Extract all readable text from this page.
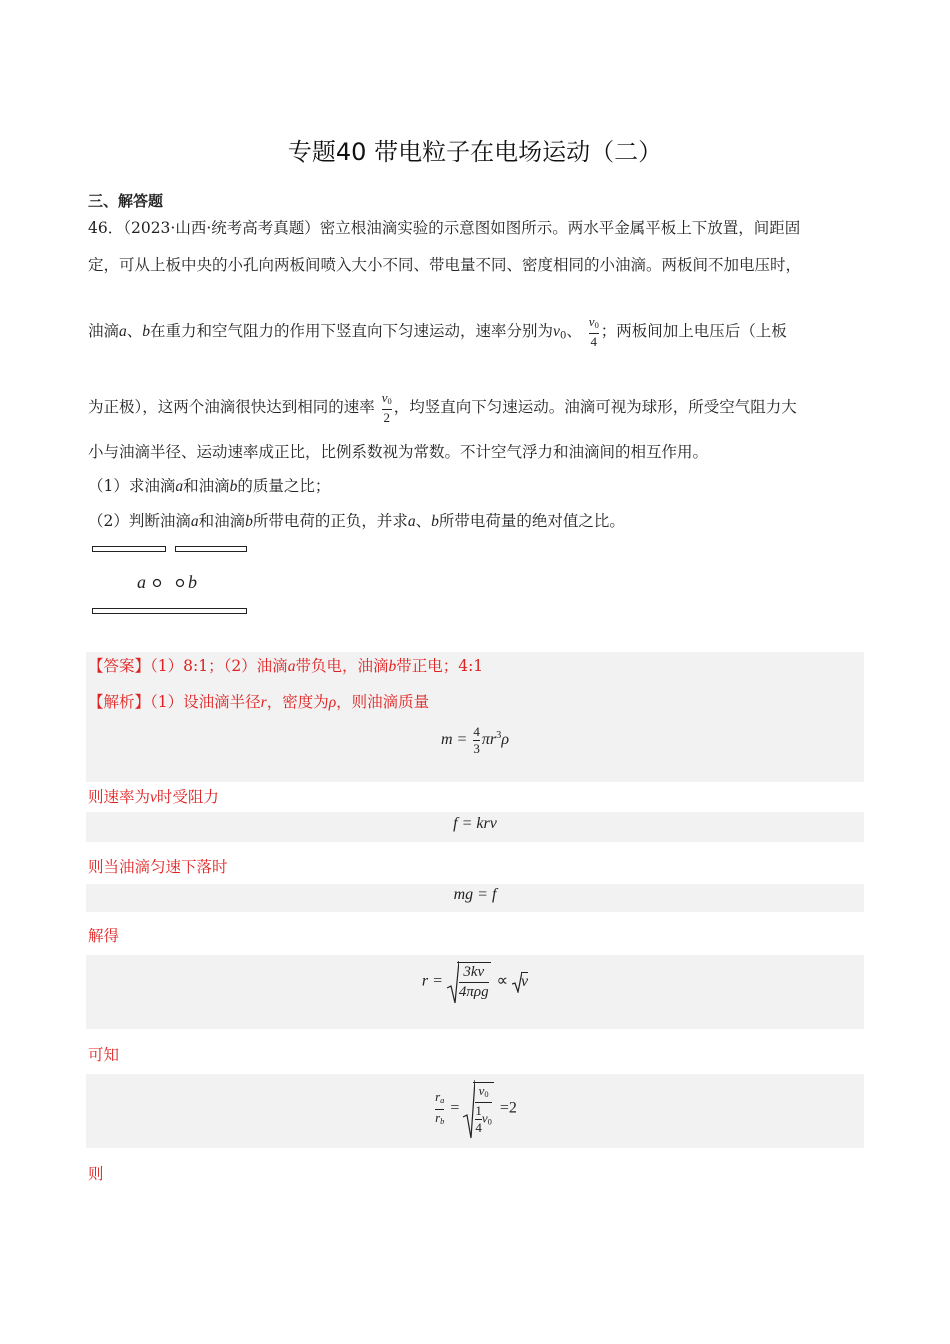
专题40 带电粒子在电场运动（二）
三、解答题
46．（2023·山西·统考高考真题）密立根油滴实验的示意图如图所示。两水平金属平板上下放置，间距固
定，可从上板中央的小孔向两板间喷入大小不同、带电量不同、密度相同的小油滴。两板间不加电压时，
油滴a、b在重力和空气阻力的作用下竖直向下匀速运动，速率分别为$v_0$、 $\frac{v_0}{4}$ ；两板间加上电压后（上板
为正极），这两个油滴很快达到相同的速率 $\frac{v_0}{2}$ ，均竖直向下匀速运动。油滴可视为球形，所受空气阻力大
小与油滴半径、运动速率成正比，比例系数视为常数。不计空气浮力和油滴间的相互作用。
（1）求油滴a和油滴b的质量之比；
（2）判断油滴a和油滴b所带电荷的正负，并求a、b所带电荷量的绝对值之比。
a b
【答案】（1）8:1；（2）油滴a带负电，油滴b带正电；4:1
【解析】（1）设油滴半径r，密度为ρ，则油滴质量
$m = \frac{4}{3} \pi r^3\rho$
则速率为v时受阻力
f = krv
则当油滴匀速下落时
mg = f
解得
$r = \frac{3kv}{\text{4πρg}} \propto v$
可知
$\frac{r_a}{r_b} = \frac{v_0}{\frac{1}{4} v_0} =2$
则
